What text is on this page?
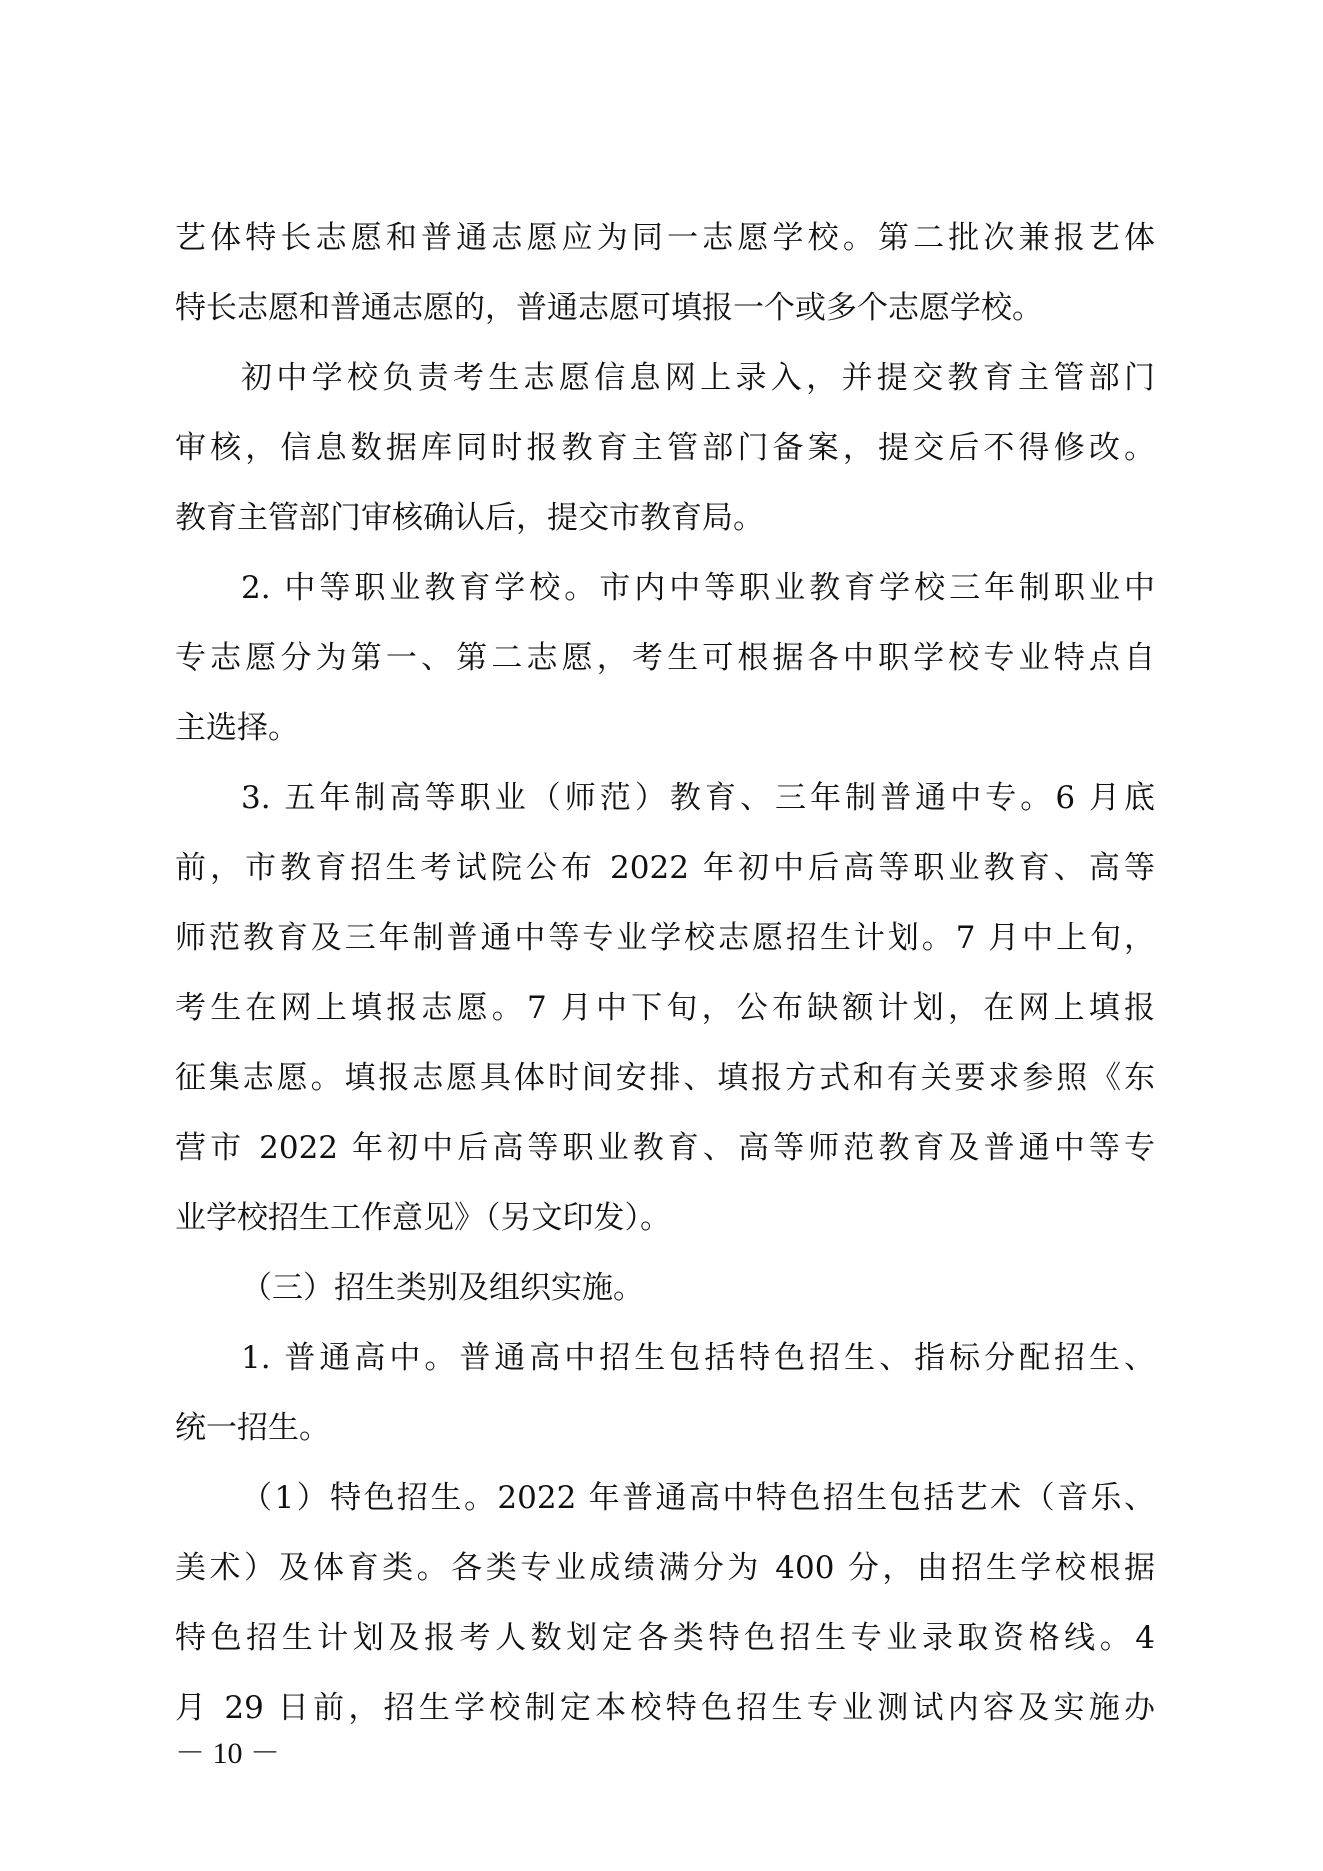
艺体特长志愿和普通志愿应为同一志愿学校。第二批次兼报艺体
特长志愿和普通志愿的，普通志愿可填报一个或多个志愿学校。
初中学校负责考生志愿信息网上录入，并提交教育主管部门
审核，信息数据库同时报教育主管部门备案，提交后不得修改。
教育主管部门审核确认后，提交市教育局。
2. 中等职业教育学校。市内中等职业教育学校三年制职业中
专志愿分为第一、第二志愿，考生可根据各中职学校专业特点自
主选择。
3. 五年制高等职业（师范）教育、三年制普通中专。6 月底
前，市教育招生考试院公布 2022 年初中后高等职业教育、高等
师范教育及三年制普通中等专业学校志愿招生计划。7 月中上旬，
考生在网上填报志愿。7 月中下旬，公布缺额计划，在网上填报
征集志愿。填报志愿具体时间安排、填报方式和有关要求参照《东
营市 2022 年初中后高等职业教育、高等师范教育及普通中等专
业学校招生工作意见》（另文印发）。
（三）招生类别及组织实施。
1. 普通高中。普通高中招生包括特色招生、指标分配招生、
统一招生。
（1）特色招生。2022 年普通高中特色招生包括艺术（音乐、
美术）及体育类。各类专业成绩满分为 400 分，由招生学校根据
特色招生计划及报考人数划定各类特色招生专业录取资格线。4
月 29 日前，招生学校制定本校特色招生专业测试内容及实施办
－ 10 －
